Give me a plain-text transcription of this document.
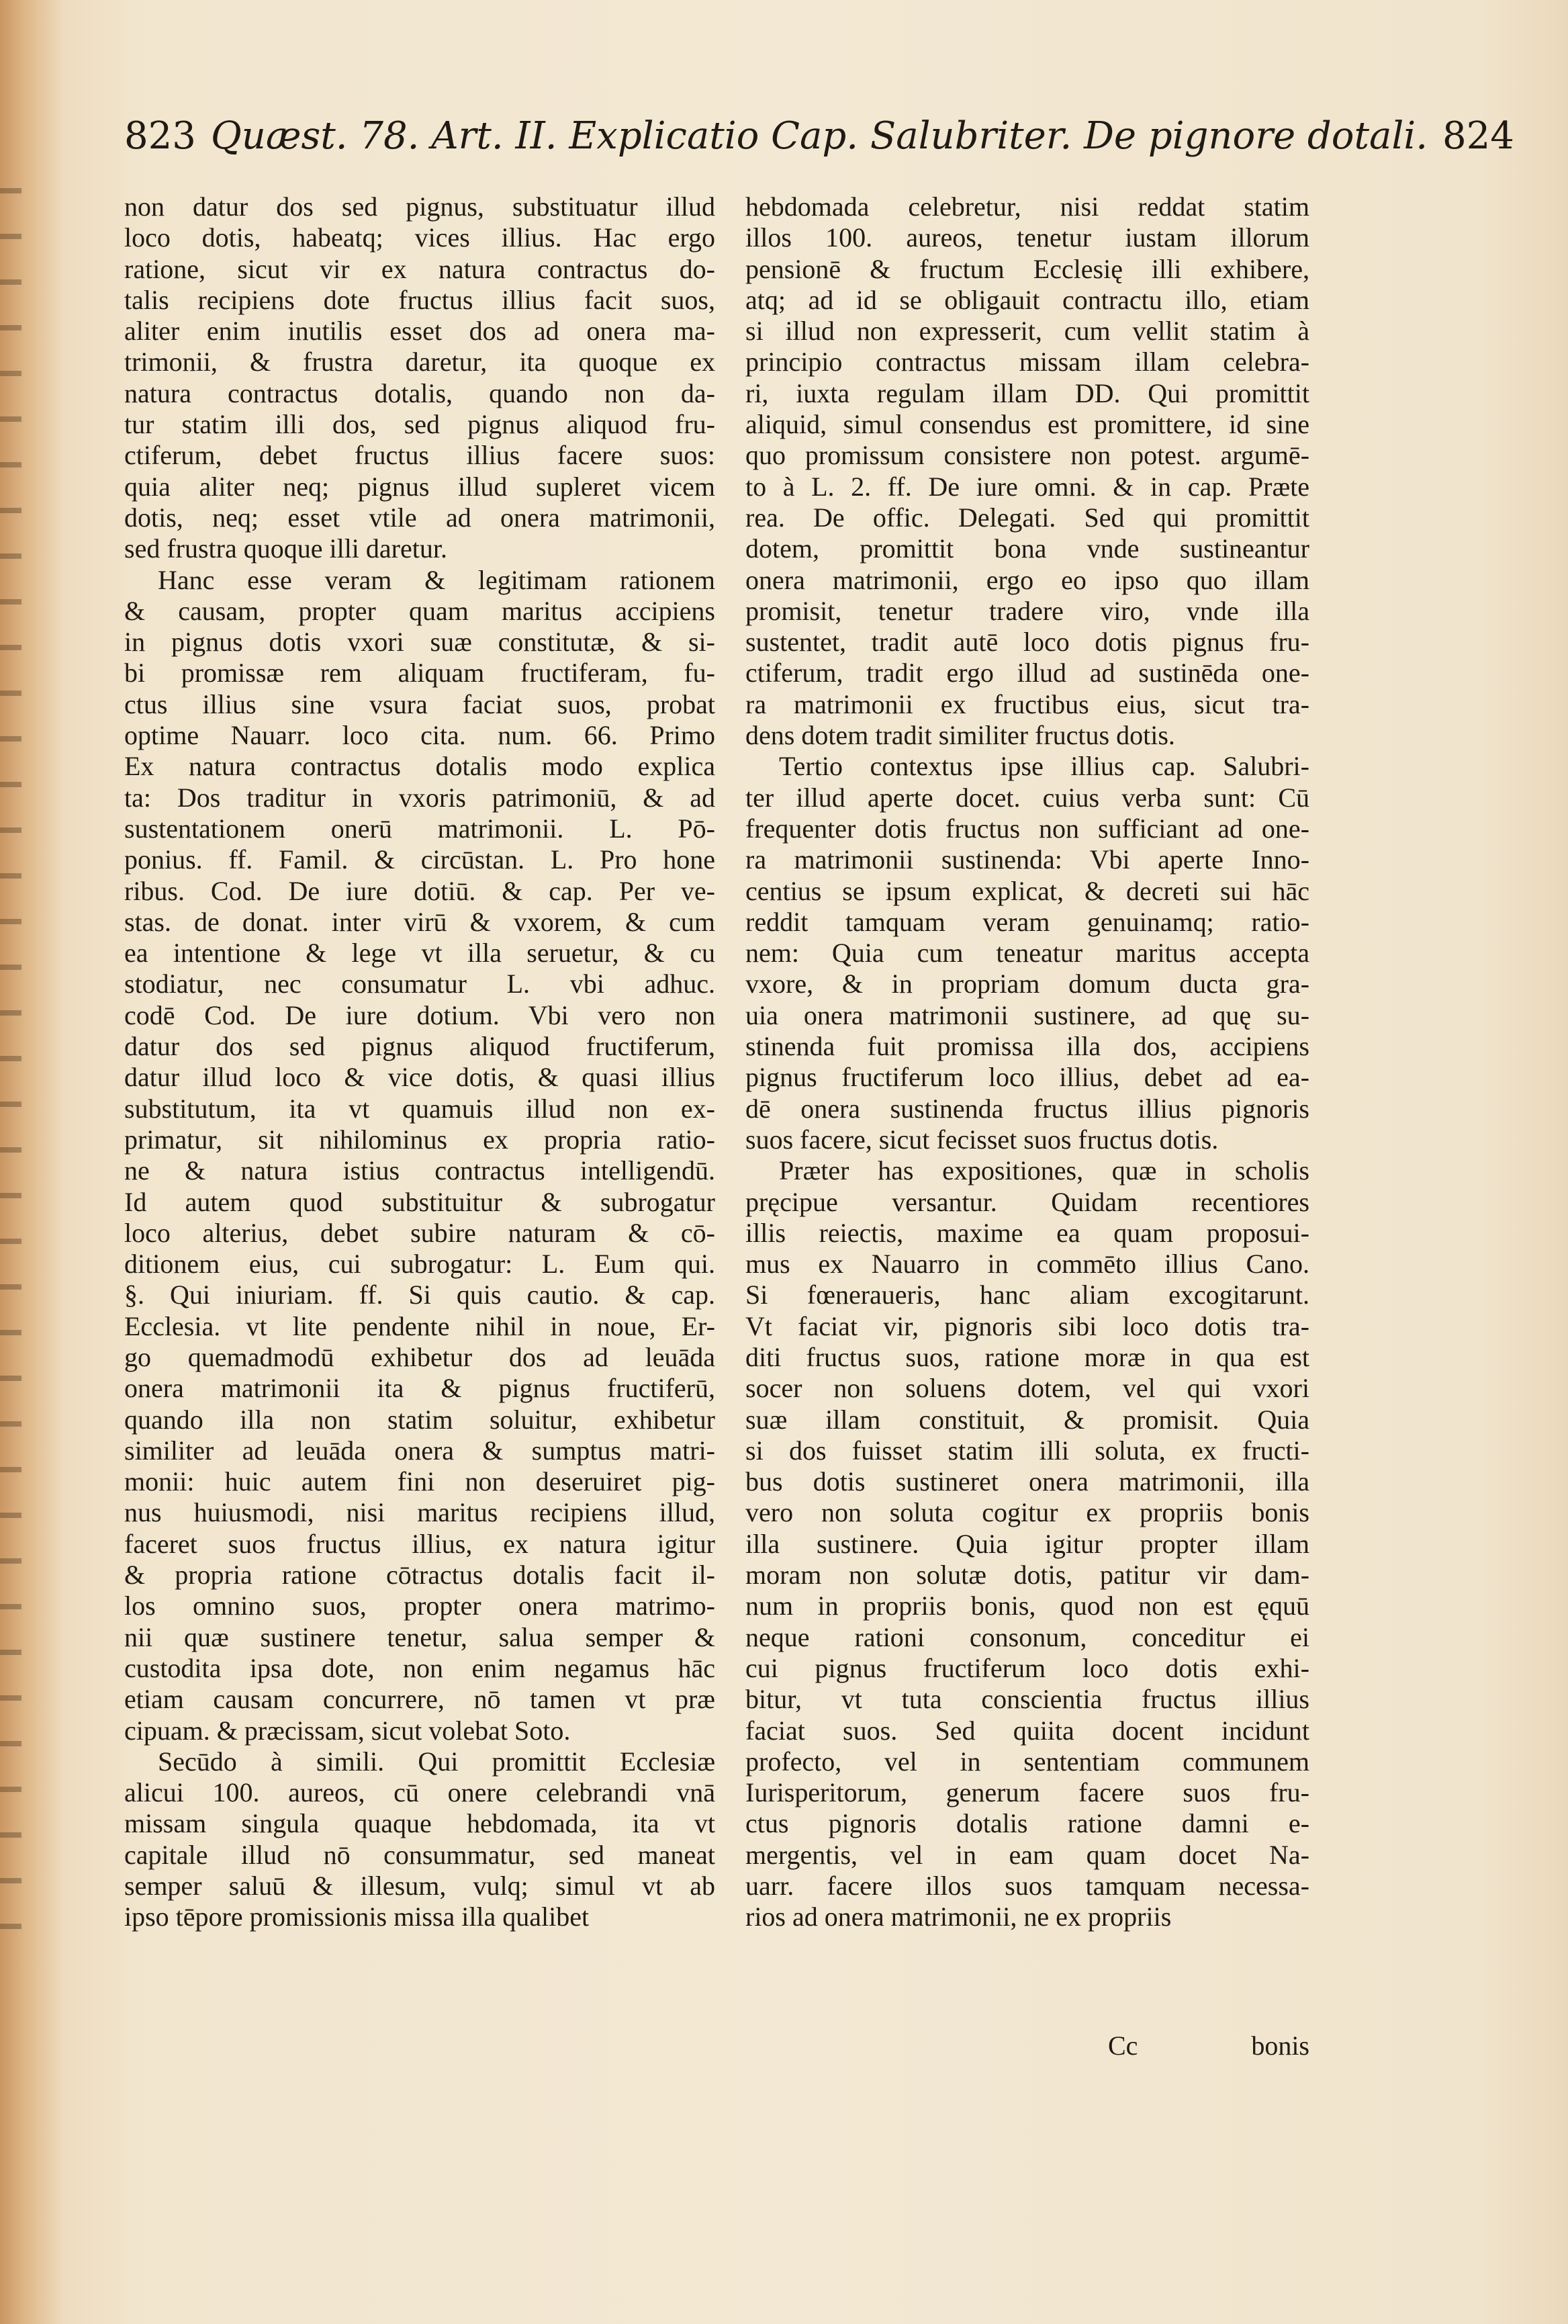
823 Quæst. 78. Art. II. Explicatio Cap. Salubriter. De pignore dotali. 824
non datur dos sed pignus, substituatur illud
loco dotis, habeatq; vices illius. Hac ergo
ratione, sicut vir ex natura contractus do-
talis recipiens dote fructus illius facit suos,
aliter enim inutilis esset dos ad onera ma-
trimonii, & frustra daretur, ita quoque ex
natura contractus dotalis, quando non da-
tur statim illi dos, sed pignus aliquod fru-
ctiferum, debet fructus illius facere suos:
quia aliter neq; pignus illud supleret vicem
dotis, neq; esset vtile ad onera matrimonii,
sed frustra quoque illi daretur.
Hanc esse veram & legitimam rationem
& causam, propter quam maritus accipiens
in pignus dotis vxori suæ constitutæ, & si-
bi promissæ rem aliquam fructiferam, fu-
ctus illius sine vsura faciat suos, probat
optime Nauarr. loco cita. num. 66. Primo
Ex natura contractus dotalis modo explica
ta: Dos traditur in vxoris patrimoniū, & ad
sustentationem onerū matrimonii. L. Pō-
ponius. ff. Famil. & circūstan. L. Pro hone
ribus. Cod. De iure dotiū. & cap. Per ve-
stas. de donat. inter virū & vxorem, & cum
ea intentione & lege vt illa seruetur, & cu
stodiatur, nec consumatur L. vbi adhuc.
codē Cod. De iure dotium. Vbi vero non
datur dos sed pignus aliquod fructiferum,
datur illud loco & vice dotis, & quasi illius
substitutum, ita vt quamuis illud non ex-
primatur, sit nihilominus ex propria ratio-
ne & natura istius contractus intelligendū.
Id autem quod substituitur & subrogatur
loco alterius, debet subire naturam & cō-
ditionem eius, cui subrogatur: L. Eum qui.
§. Qui iniuriam. ff. Si quis cautio. & cap.
Ecclesia. vt lite pendente nihil in noue, Er-
go quemadmodū exhibetur dos ad leuāda
onera matrimonii ita & pignus fructiferū,
quando illa non statim soluitur, exhibetur
similiter ad leuāda onera & sumptus matri-
monii: huic autem fini non deseruiret pig-
nus huiusmodi, nisi maritus recipiens illud,
faceret suos fructus illius, ex natura igitur
& propria ratione cōtractus dotalis facit il-
los omnino suos, propter onera matrimo-
nii quæ sustinere tenetur, salua semper &
custodita ipsa dote, non enim negamus hāc
etiam causam concurrere, nō tamen vt præ
cipuam. & præcissam, sicut volebat Soto.
Secūdo à simili. Qui promittit Ecclesiæ
alicui 100. aureos, cū onere celebrandi vnā
missam singula quaque hebdomada, ita vt
capitale illud nō consummatur, sed maneat
semper saluū & illesum, vulq; simul vt ab
ipso tēpore promissionis missa illa qualibet
hebdomada celebretur, nisi reddat statim
illos 100. aureos, tenetur iustam illorum
pensionē & fructum Ecclesię illi exhibere,
atq; ad id se obligauit contractu illo, etiam
si illud non expresserit, cum vellit statim à
principio contractus missam illam celebra-
ri, iuxta regulam illam DD. Qui promittit
aliquid, simul consendus est promittere, id sine
quo promissum consistere non potest. argumē-
to à L. 2. ff. De iure omni. & in cap. Præte
rea. De offic. Delegati. Sed qui promittit
dotem, promittit bona vnde sustineantur
onera matrimonii, ergo eo ipso quo illam
promisit, tenetur tradere viro, vnde illa
sustentet, tradit autē loco dotis pignus fru-
ctiferum, tradit ergo illud ad sustinēda one-
ra matrimonii ex fructibus eius, sicut tra-
dens dotem tradit similiter fructus dotis.
Tertio contextus ipse illius cap. Salubri-
ter illud aperte docet. cuius verba sunt: Cū
frequenter dotis fructus non sufficiant ad one-
ra matrimonii sustinenda: Vbi aperte Inno-
centius se ipsum explicat, & decreti sui hāc
reddit tamquam veram genuinamq; ratio-
nem: Quia cum teneatur maritus accepta
vxore, & in propriam domum ducta gra-
uia onera matrimonii sustinere, ad quę su-
stinenda fuit promissa illa dos, accipiens
pignus fructiferum loco illius, debet ad ea-
dē onera sustinenda fructus illius pignoris
suos facere, sicut fecisset suos fructus dotis.
Præter has expositiones, quæ in scholis
pręcipue versantur. Quidam recentiores
illis reiectis, maxime ea quam proposui-
mus ex Nauarro in commēto illius Cano.
Si fœneraueris, hanc aliam excogitarunt.
Vt faciat vir, pignoris sibi loco dotis tra-
diti fructus suos, ratione moræ in qua est
socer non soluens dotem, vel qui vxori
suæ illam constituit, & promisit. Quia
si dos fuisset statim illi soluta, ex fructi-
bus dotis sustineret onera matrimonii, illa
vero non soluta cogitur ex propriis bonis
illa sustinere. Quia igitur propter illam
moram non solutæ dotis, patitur vir dam-
num in propriis bonis, quod non est ęquū
neque rationi consonum, conceditur ei
cui pignus fructiferum loco dotis exhi-
bitur, vt tuta conscientia fructus illius
faciat suos. Sed quiita docent incidunt
profecto, vel in sententiam communem
Iurisperitorum, generum facere suos fru-
ctus pignoris dotalis ratione damni e-
mergentis, vel in eam quam docet Na-
uarr. facere illos suos tamquam necessa-
rios ad onera matrimonii, ne ex propriis
Cc	bonis
